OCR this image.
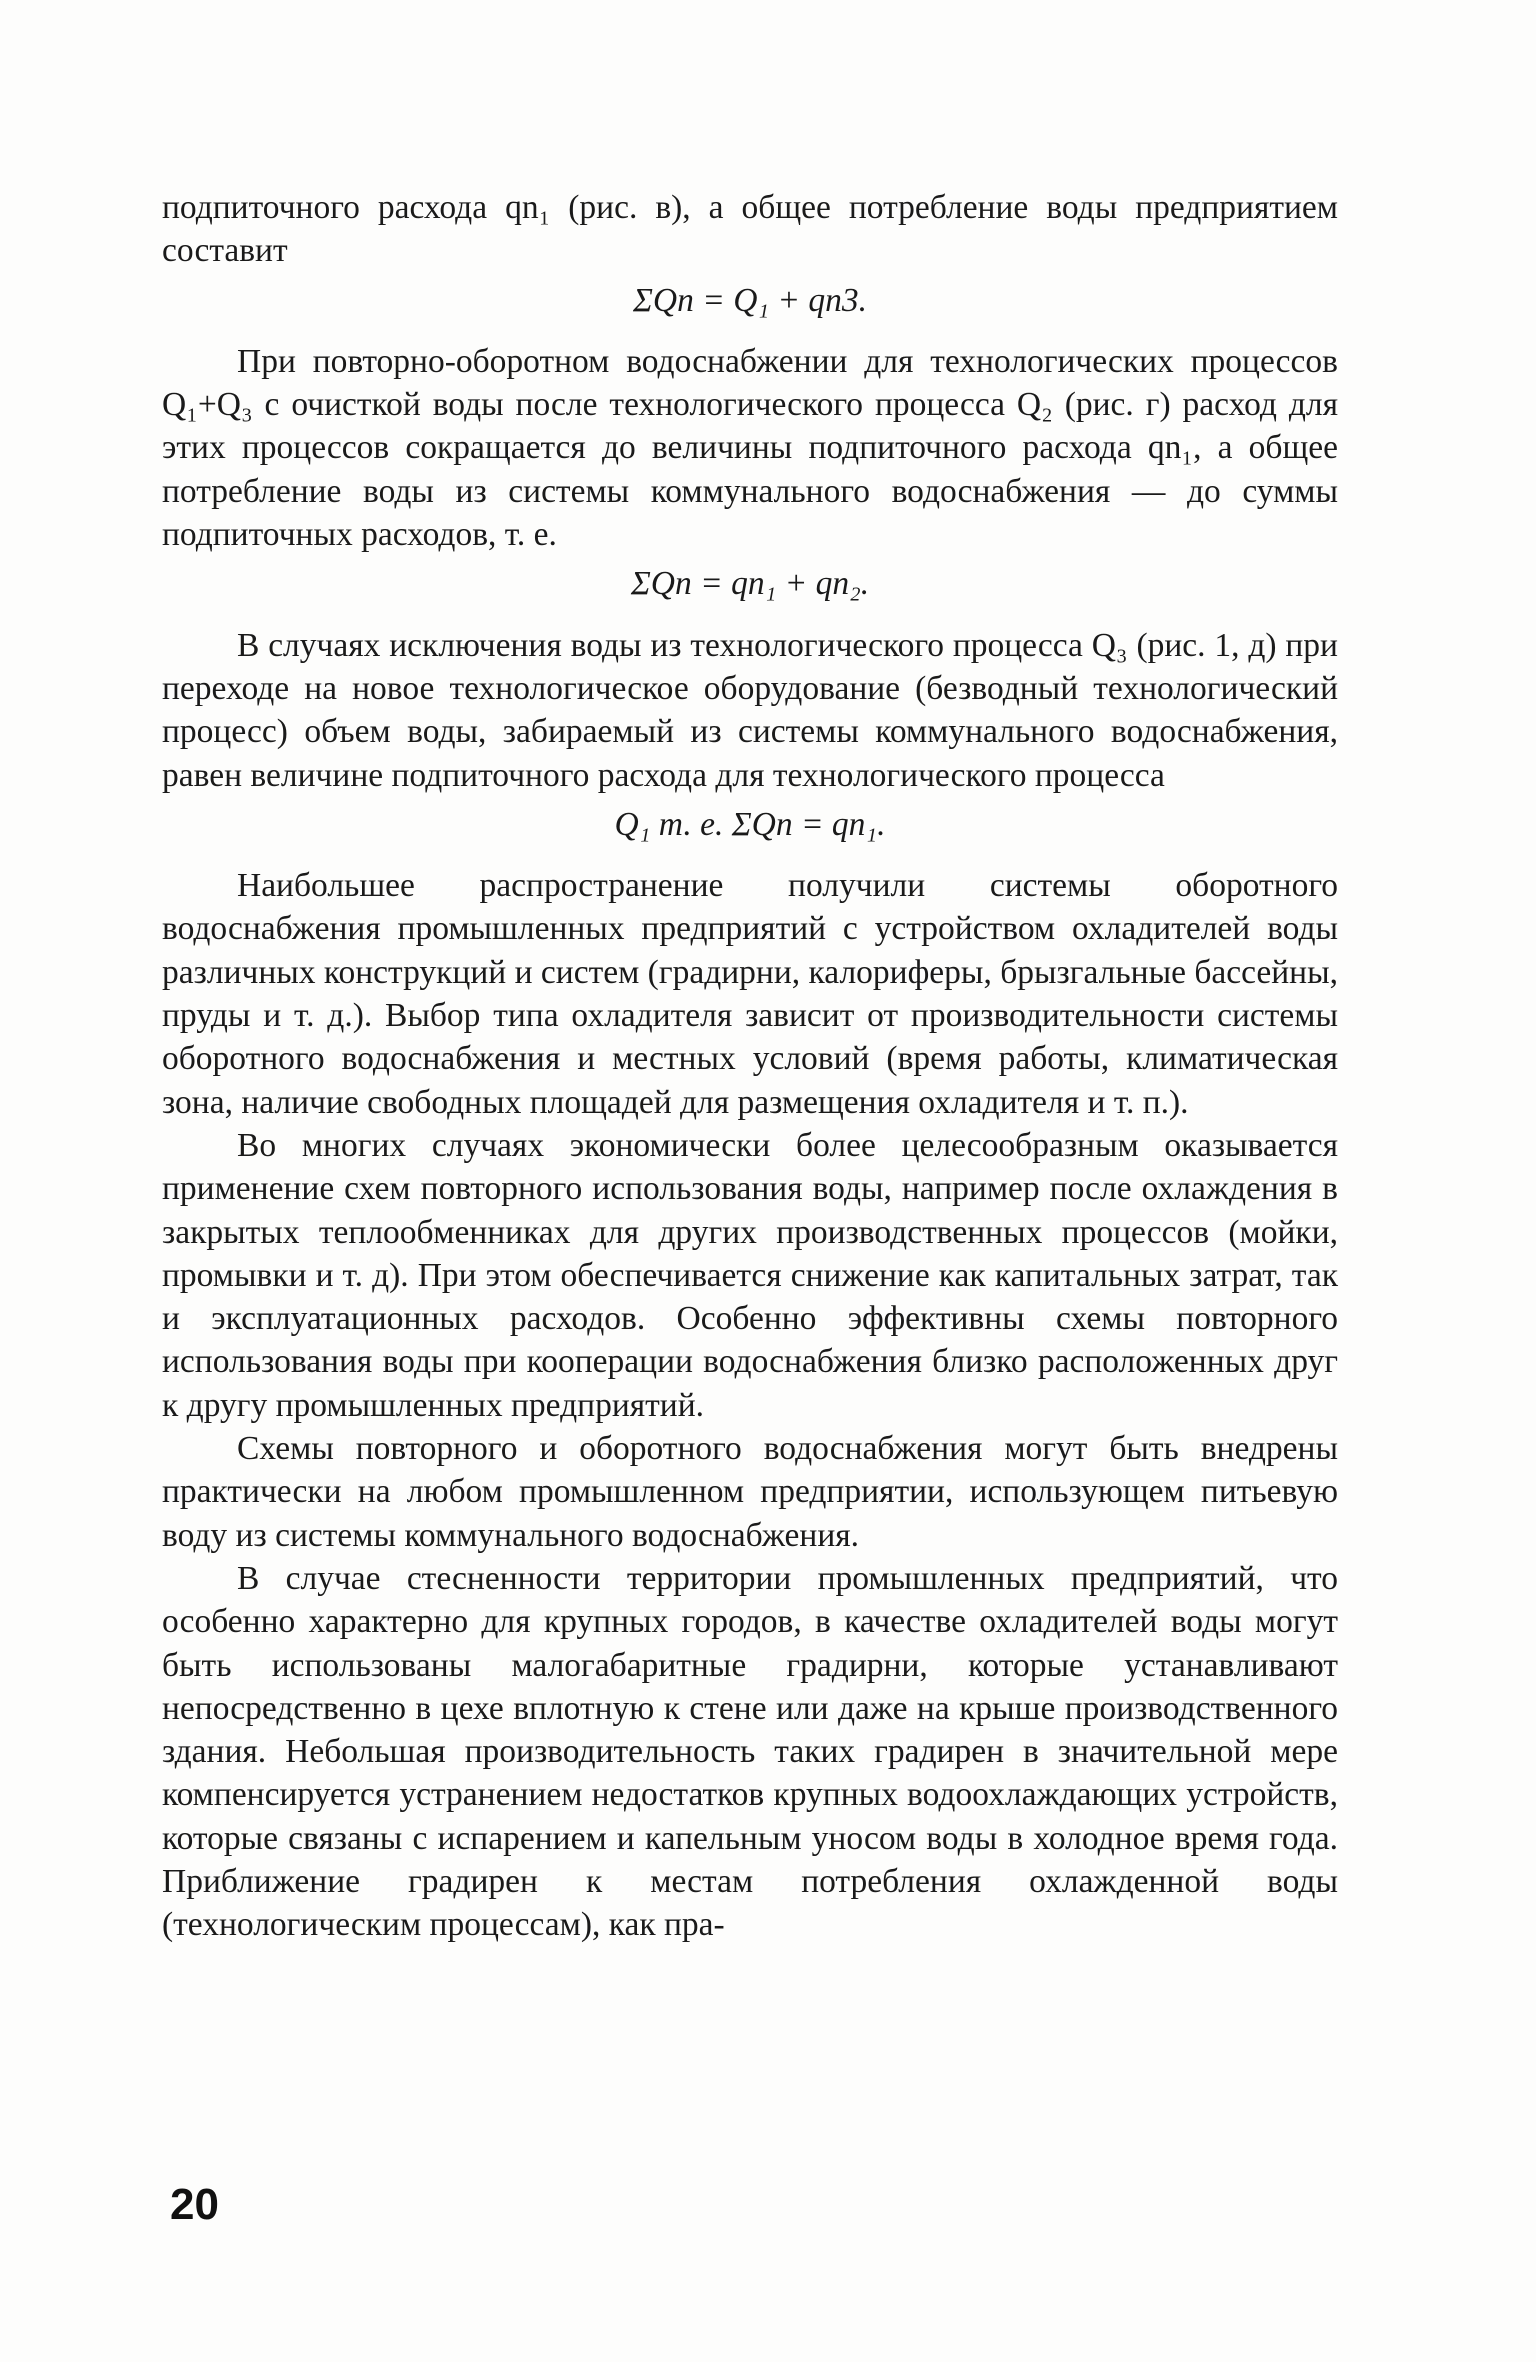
подпиточного расхода qn₁ (рис. в), а общее потребление воды предприятием составит

ΣQn = Q₁ + qn3.

При повторно-оборотном водоснабжении для технологических процессов Q₁+Q₃ с очисткой воды после технологического процесса Q₂ (рис. г) расход для этих процессов сокращается до величины подпиточного расхода qn₁, а общее потребление воды из системы коммунального водоснабжения — до суммы подпиточных расходов, т. е.

ΣQn = qn₁ + qn₂.

В случаях исключения воды из технологического процесса Q₃ (рис. 1, д) при переходе на новое технологическое оборудование (безводный технологический процесс) объем воды, забираемый из системы коммунального водоснабжения, равен величине подпиточного расхода для технологического процесса

Q₁ т. е. ΣQn = qn₁.

Наибольшее распространение получили системы оборотного водоснабжения промышленных предприятий с устройством охладителей воды различных конструкций и систем (градирни, калориферы, брызгальные бассейны, пруды и т. д.). Выбор типа охладителя зависит от производительности системы оборотного водоснабжения и местных условий (время работы, климатическая зона, наличие свободных площадей для размещения охладителя и т. п.).

Во многих случаях экономически более целесообразным оказывается применение схем повторного использования воды, например после охлаждения в закрытых теплообменниках для других производственных процессов (мойки, промывки и т. д). При этом обеспечивается снижение как капитальных затрат, так и эксплуатационных расходов. Особенно эффективны схемы повторного использования воды при кооперации водоснабжения близко расположенных друг к другу промышленных предприятий.

Схемы повторного и оборотного водоснабжения могут быть внедрены практически на любом промышленном предприятии, использующем питьевую воду из системы коммунального водоснабжения.

В случае стесненности территории промышленных предприятий, что особенно характерно для крупных городов, в качестве охладителей воды могут быть использованы малогабаритные градирни, которые устанавливают непосредственно в цехе вплотную к стене или даже на крыше производственного здания. Небольшая производительность таких градирен в значительной мере компенсируется устранением недостатков крупных водоохлаждающих устройств, которые связаны с испарением и капельным уносом воды в холодное время года. Приближение градирен к местам потребления охлажденной воды (технологическим процессам), как пра-

20
